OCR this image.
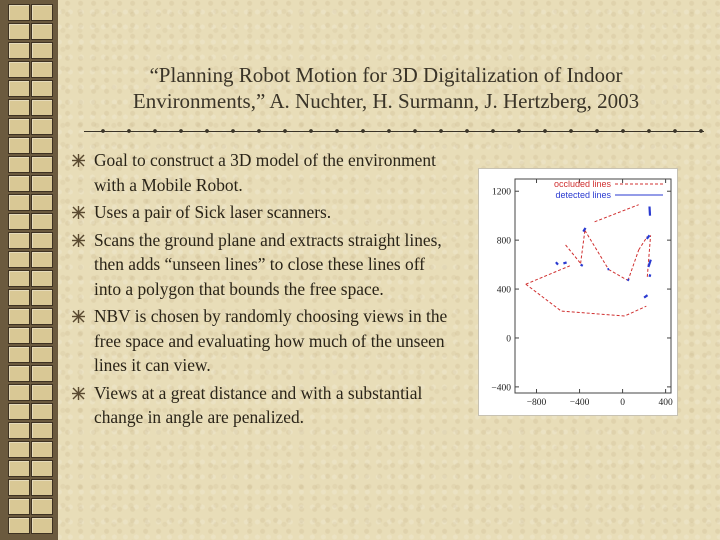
“Planning Robot Motion for 3D Digitalization of Indoor
Environments,” A. Nuchter, H. Surmann, J. Hertzberg, 2003
Goal to construct a 3D model of the environment with a Mobile Robot.
Uses a pair of Sick laser scanners.
Scans the ground plane and extracts straight lines, then adds “unseen lines” to close these lines off into a polygon that bounds the free space.
NBV is chosen by randomly choosing views in the free space and evaluating how much of the unseen lines it can view.
Views at a great distance and with a substantial change in angle are penalized.
1200
800
400
0
−400
−800 −400	0	400
occluded lines
detected lines
